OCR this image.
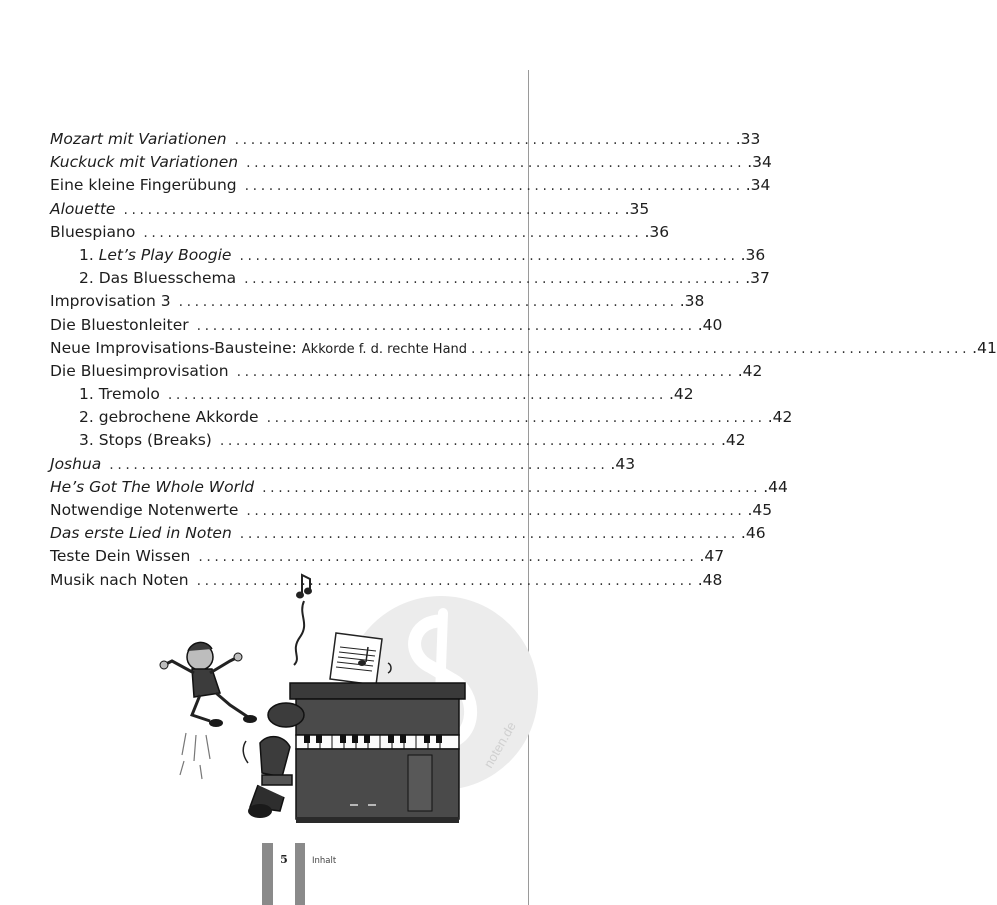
noten.de
Mozart mit Variationen .............................................................. .33
Kuckuck mit Variationen .............................................................. .34
Eine kleine Fingerübung .............................................................. .34
Alouette .............................................................. .35
Bluespiano .............................................................. .36
1.
Let’s Play Boogie .............................................................. .36
2.
Das Bluesschema .............................................................. .37
Improvisation 3 .............................................................. .38
Die Bluestonleiter .............................................................. .40
Neue Improvisations-Bausteine:
Akkorde f. d. rechte Hand .............................................................. .41
Die Bluesimprovisation .............................................................. .42
1.
Tremolo .............................................................. .42
2.
gebrochene Akkorde .............................................................. .42
3.
Stops (Breaks) .............................................................. .42
Joshua .............................................................. .43
He’s Got The Whole World .............................................................. .44
Notwendige Notenwerte .............................................................. .45
Das erste Lied in Noten .............................................................. .46
Teste Dein Wissen .............................................................. .47
Musik nach Noten .............................................................. .48
5	Inhalt
